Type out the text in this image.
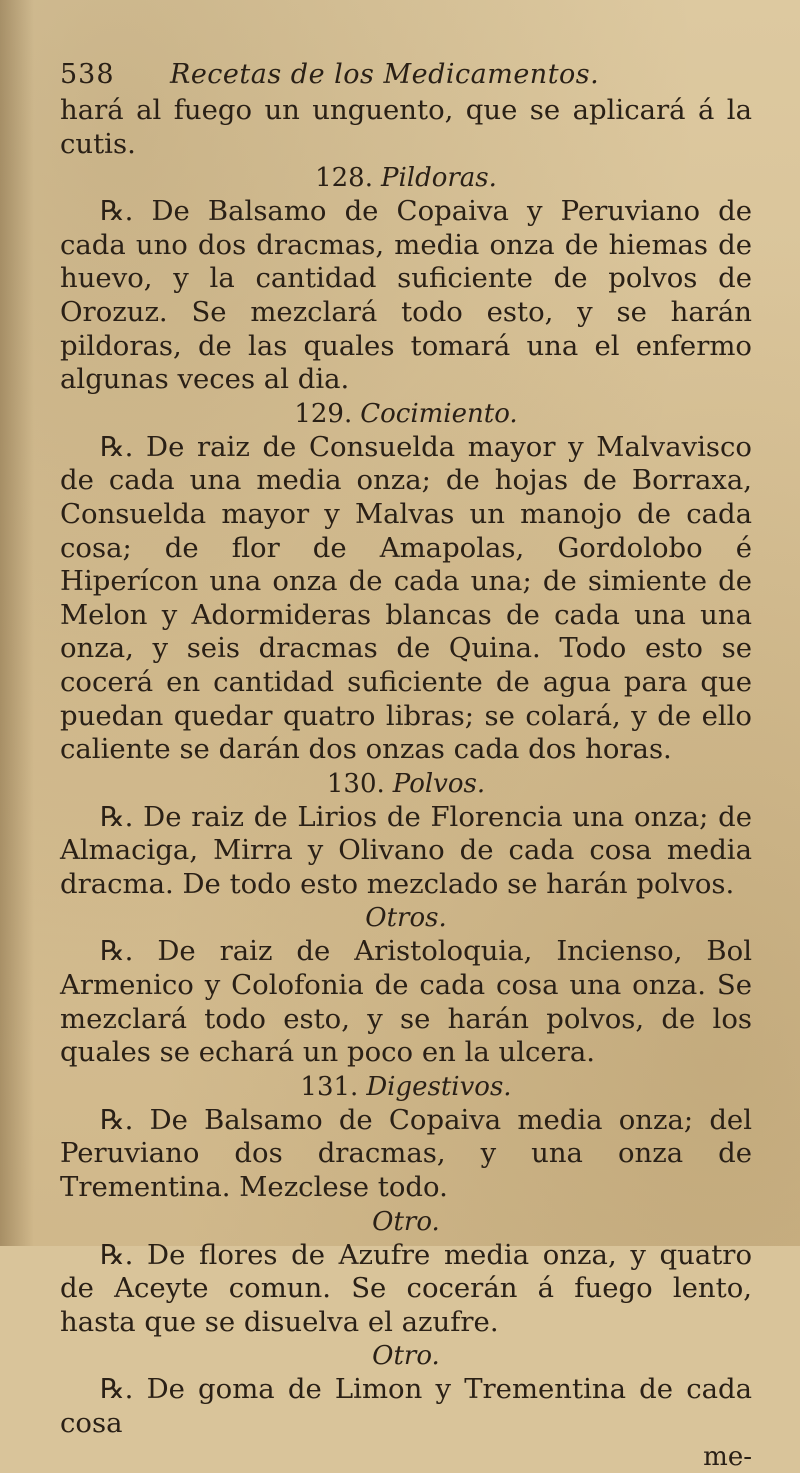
538	Recetas de los Medicamentos.

hará al fuego un unguento, que se aplicará á la cutis.

128. Pildoras.

℞. De Balsamo de Copaiva y Peruviano de cada uno dos dracmas, media onza de hiemas de huevo, y la cantidad suficiente de polvos de Orozuz. Se mezclará todo esto, y se harán pildoras, de las quales tomará una el enfermo algunas veces al dia.

129. Cocimiento.

℞. De raiz de Consuelda mayor y Malvavisco de cada una media onza; de hojas de Borraxa, Consuelda mayor y Malvas un manojo de cada cosa; de flor de Amapolas, Gordolobo é Hiperícon una onza de cada una; de simiente de Melon y Adormideras blancas de cada una una onza, y seis dracmas de Quina. Todo esto se cocerá en cantidad suficiente de agua para que puedan quedar quatro libras; se colará, y de ello caliente se darán dos onzas cada dos horas.

130. Polvos.

℞. De raiz de Lirios de Florencia una onza; de Almaciga, Mirra y Olivano de cada cosa media dracma. De todo esto mezclado se harán polvos.

Otros.

℞. De raiz de Aristoloquia, Incienso, Bol Armenico y Colofonia de cada cosa una onza. Se mezclará todo esto, y se harán polvos, de los quales se echará un poco en la ulcera.

131. Digestivos.

℞. De Balsamo de Copaiva media onza; del Peruviano dos dracmas, y una onza de Trementina. Mezclese todo.

Otro.

℞. De flores de Azufre media onza, y quatro de Aceyte comun. Se cocerán á fuego lento, hasta que se disuelva el azufre.

Otro.

℞. De goma de Limon y Trementina de cada cosa

me-
